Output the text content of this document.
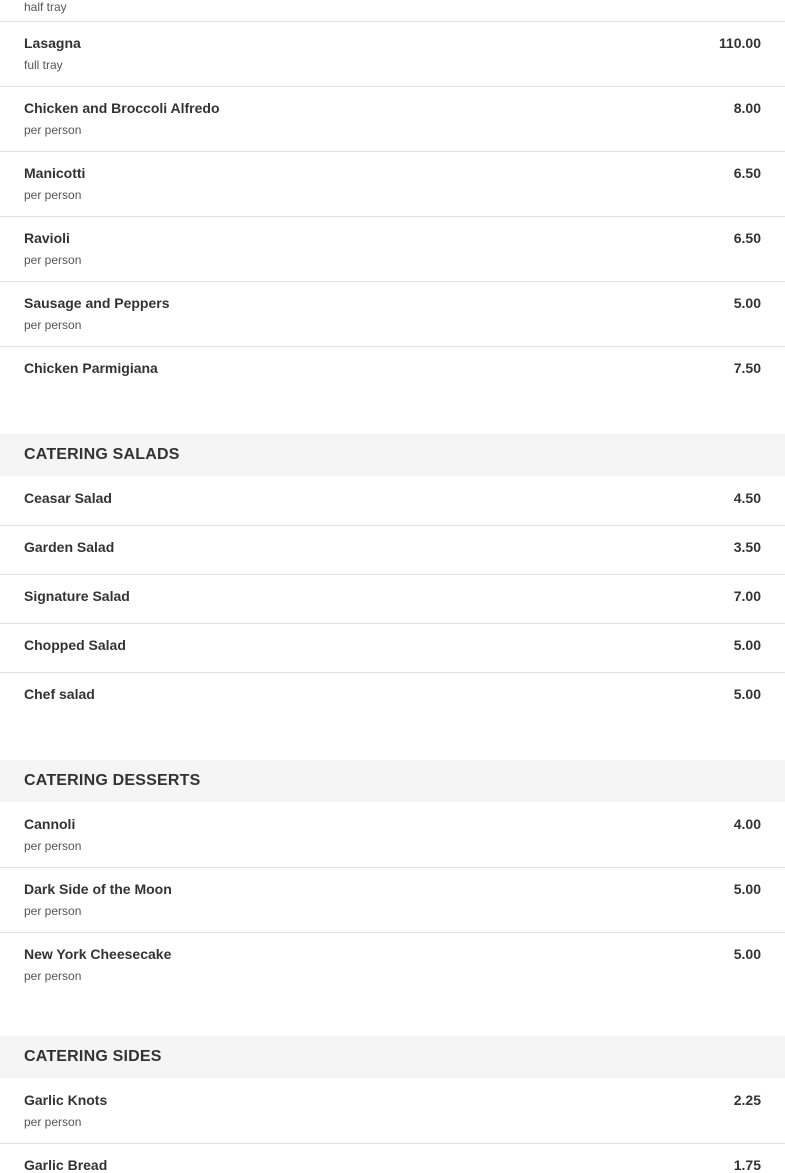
half tray
Lasagna
full tray
110.00
Chicken and Broccoli Alfredo
per person
8.00
Manicotti
per person
6.50
Ravioli
per person
6.50
Sausage and Peppers
per person
5.00
Chicken Parmigiana	7.50
CATERING SALADS
Ceasar Salad	4.50
Garden Salad	3.50
Signature Salad	7.00
Chopped Salad	5.00
Chef salad	5.00
CATERING DESSERTS
Cannoli
per person
4.00
Dark Side of the Moon
per person
5.00
New York Cheesecake
per person
5.00
CATERING SIDES
Garlic Knots
per person
2.25
Garlic Bread	1.75
